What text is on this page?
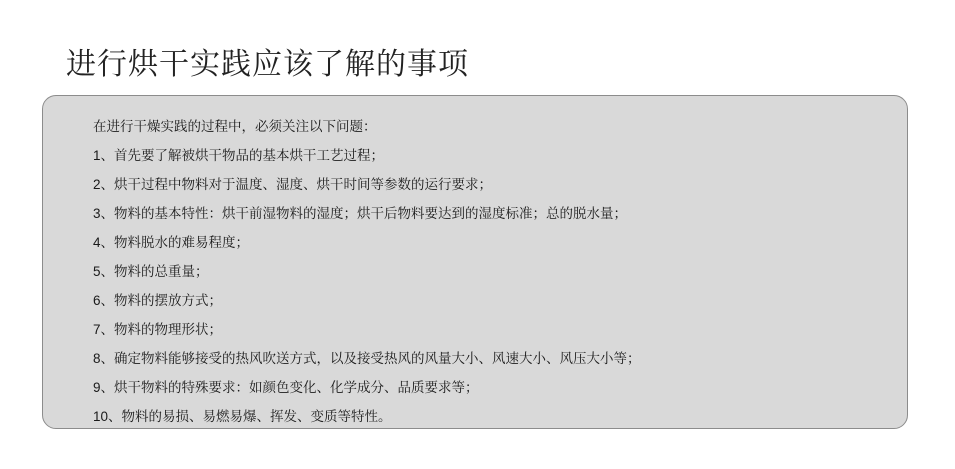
进行烘干实践应该了解的事项
在进行干燥实践的过程中，必须关注以下问题：
1、首先要了解被烘干物品的基本烘干工艺过程；
2、烘干过程中物料对于温度、湿度、烘干时间等参数的运行要求；
3、物料的基本特性：烘干前湿物料的湿度；烘干后物料要达到的湿度标准；总的脱水量；
4、物料脱水的难易程度；
5、物料的总重量；
6、物料的摆放方式；
7、物料的物理形状；
8、确定物料能够接受的热风吹送方式，以及接受热风的风量大小、风速大小、风压大小等；
9、烘干物料的特殊要求：如颜色变化、化学成分、品质要求等；
10、物料的易损、易燃易爆、挥发、变质等特性。
